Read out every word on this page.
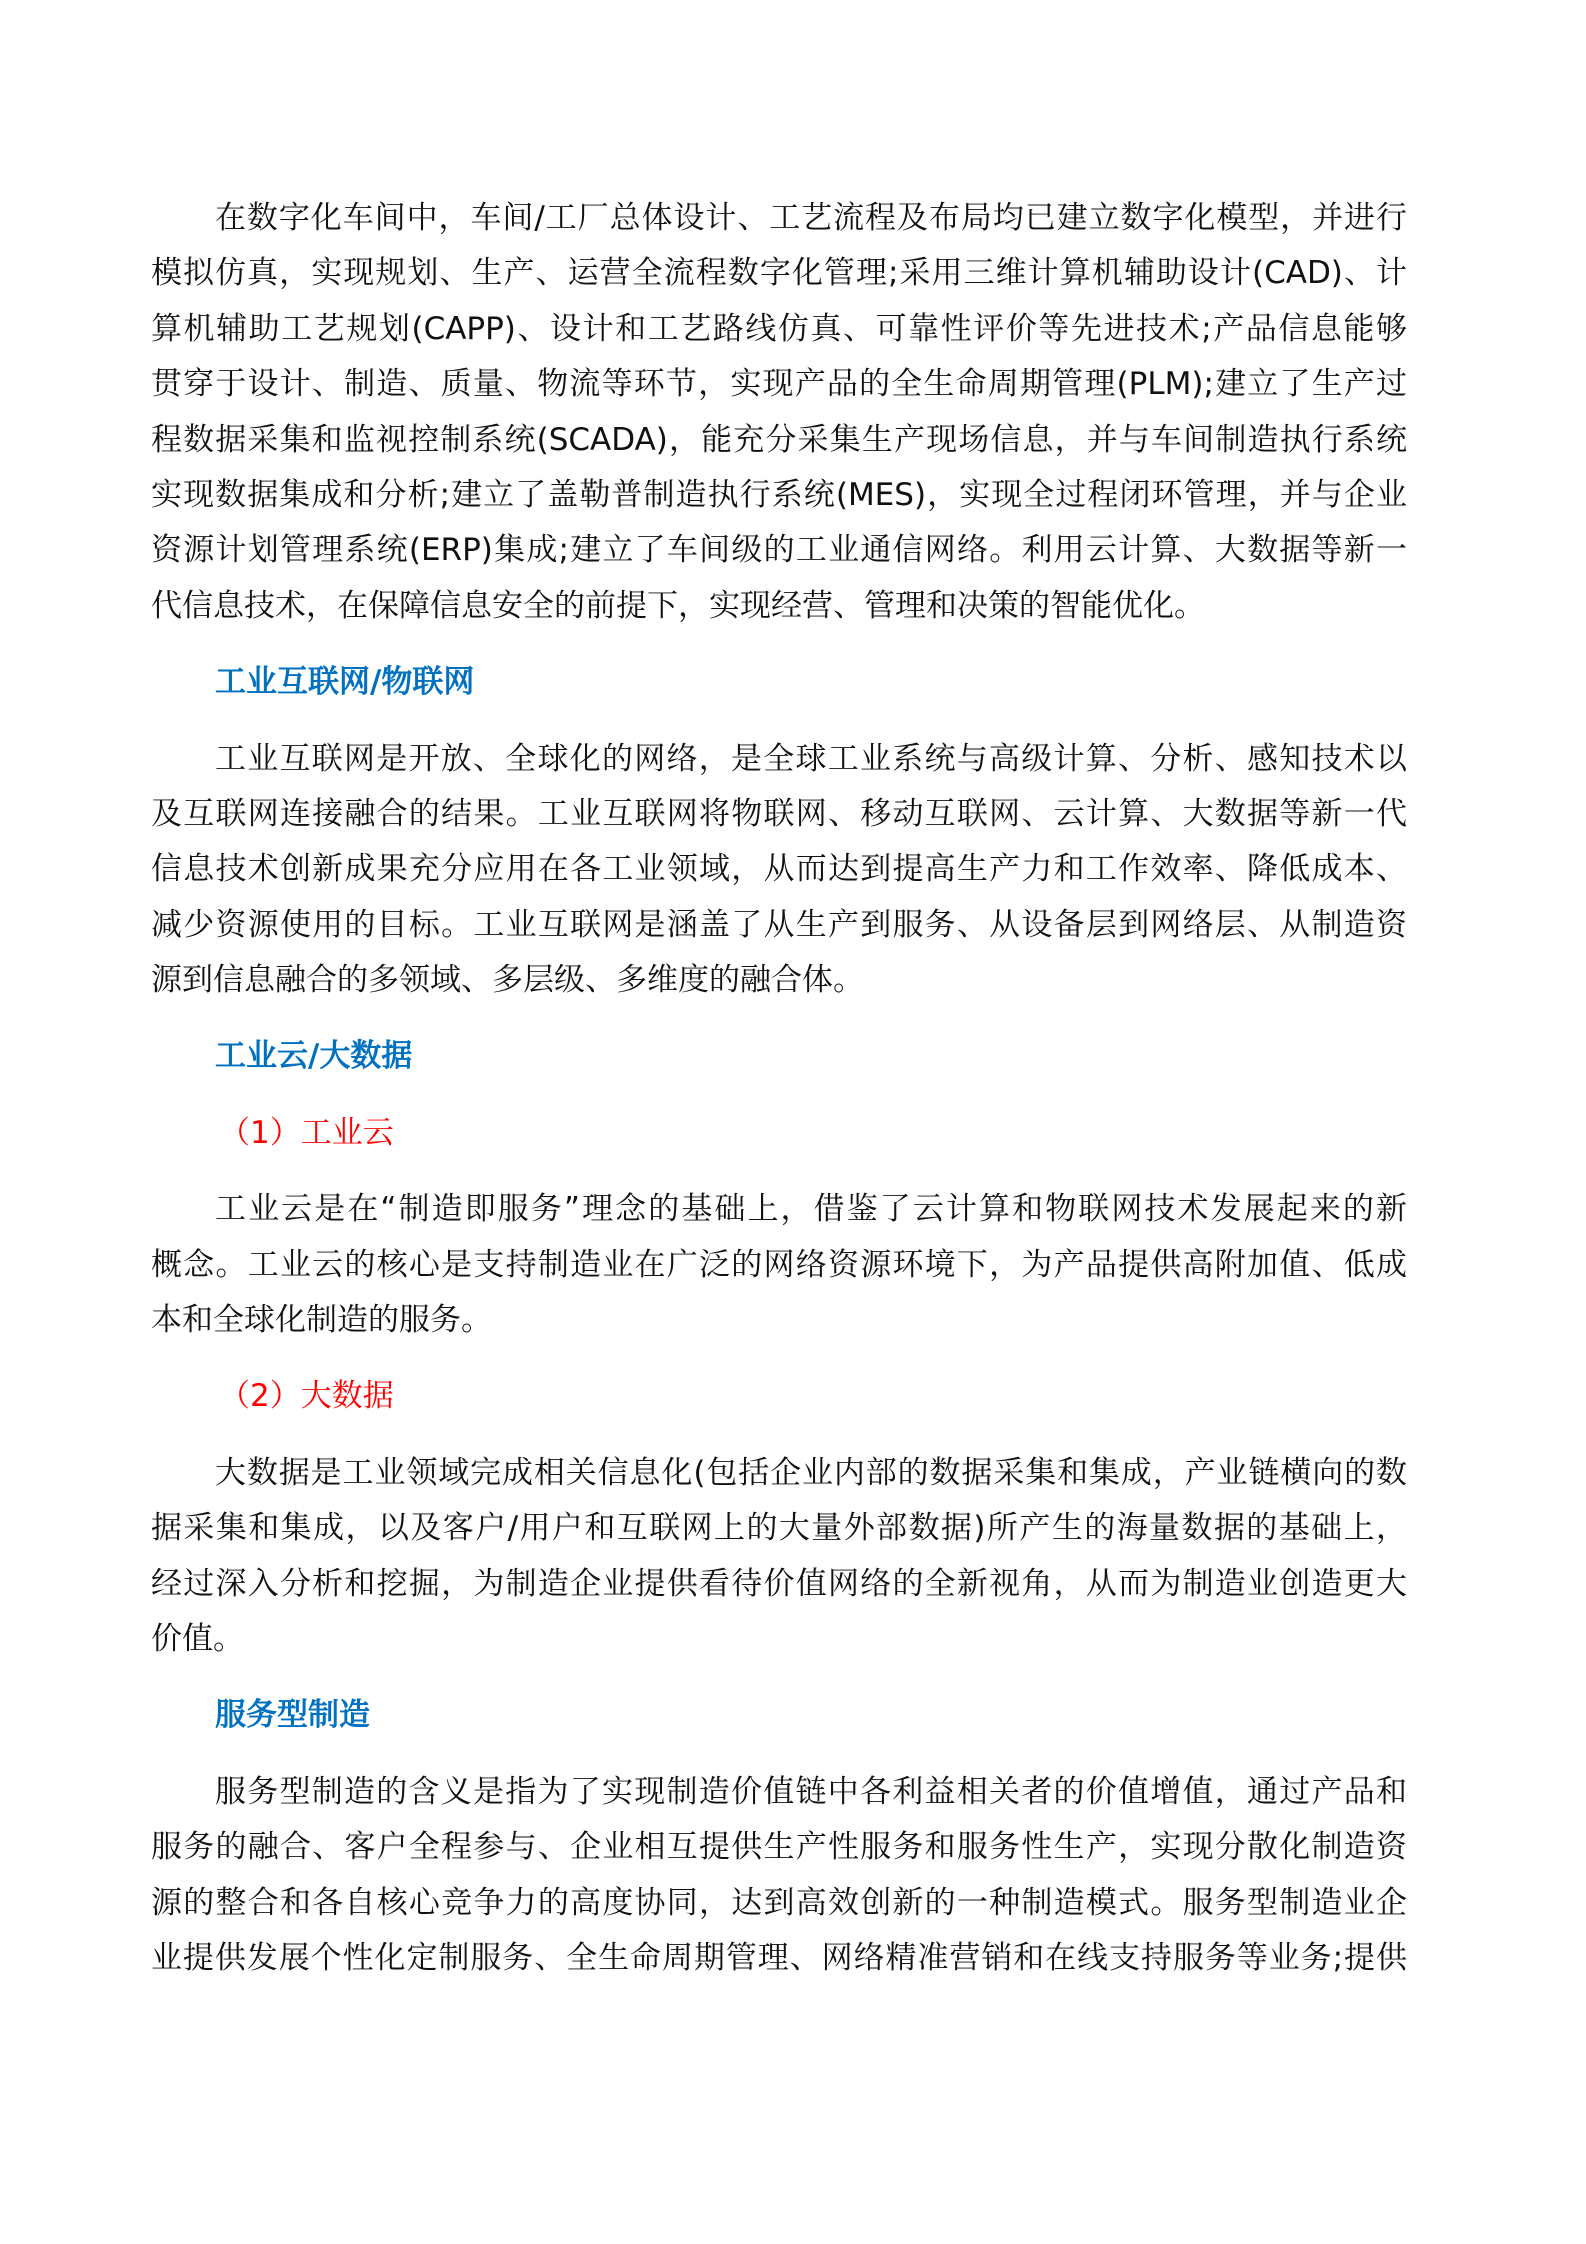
在数字化车间中，车间/工厂总体设计、工艺流程及布局均已建立数字化模型，并进行
模拟仿真，实现规划、生产、运营全流程数字化管理;采用三维计算机辅助设计(CAD)、计
算机辅助工艺规划(CAPP)、设计和工艺路线仿真、可靠性评价等先进技术;产品信息能够
贯穿于设计、制造、质量、物流等环节，实现产品的全生命周期管理(PLM);建立了生产过
程数据采集和监视控制系统(SCADA)，能充分采集生产现场信息，并与车间制造执行系统
实现数据集成和分析;建立了盖勒普制造执行系统(MES)，实现全过程闭环管理，并与企业
资源计划管理系统(ERP)集成;建立了车间级的工业通信网络。利用云计算、大数据等新一
代信息技术，在保障信息安全的前提下，实现经营、管理和决策的智能优化。
工业互联网/物联网
工业互联网是开放、全球化的网络，是全球工业系统与高级计算、分析、感知技术以
及互联网连接融合的结果。工业互联网将物联网、移动互联网、云计算、大数据等新一代
信息技术创新成果充分应用在各工业领域，从而达到提高生产力和工作效率、降低成本、
减少资源使用的目标。工业互联网是涵盖了从生产到服务、从设备层到网络层、从制造资
源到信息融合的多领域、多层级、多维度的融合体。
工业云/大数据
（1）工业云
工业云是在“制造即服务”理念的基础上，借鉴了云计算和物联网技术发展起来的新
概念。工业云的核心是支持制造业在广泛的网络资源环境下，为产品提供高附加值、低成
本和全球化制造的服务。
（2）大数据
大数据是工业领域完成相关信息化(包括企业内部的数据采集和集成，产业链横向的数
据采集和集成，以及客户/用户和互联网上的大量外部数据)所产生的海量数据的基础上，
经过深入分析和挖掘，为制造企业提供看待价值网络的全新视角，从而为制造业创造更大
价值。
服务型制造
服务型制造的含义是指为了实现制造价值链中各利益相关者的价值增值，通过产品和
服务的融合、客户全程参与、企业相互提供生产性服务和服务性生产，实现分散化制造资
源的整合和各自核心竞争力的高度协同，达到高效创新的一种制造模式。服务型制造业企
业提供发展个性化定制服务、全生命周期管理、网络精准营销和在线支持服务等业务;提供
